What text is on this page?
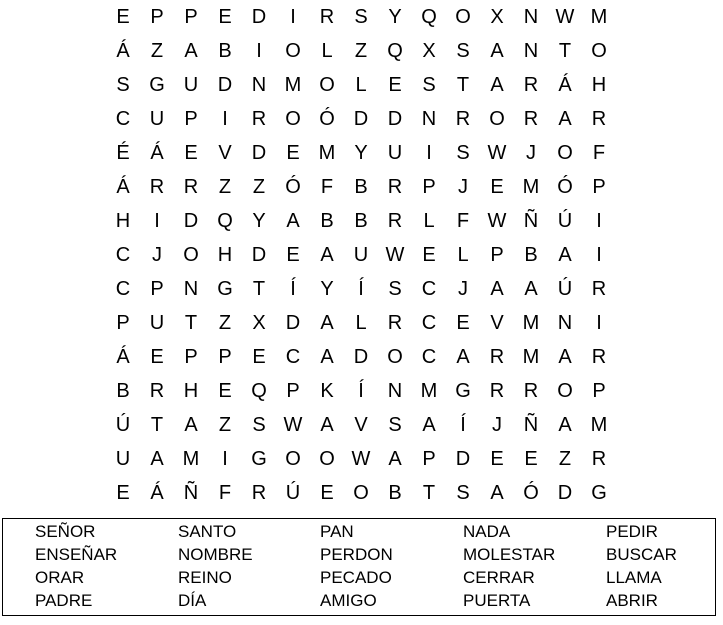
E	P	P	E	D	I	R	S	Y Q O X	N W M
Á	Z	A	B	I	O	L	Z	Q X	S	A	N	T	O
S G U D N M O	L	E	S	T	A	R	Á	H
C U	P	I	R O Ó D D N R O R	A	R
É	Á	E	V	D	E M Y	U	I	S W J	O	F
Á	R R	Z	Z	Ó	F	B	R	P	J	E M Ó P
H	I	D Q Y	A	B	B	R	L	F W Ñ Ú	I
C	J	O H D	E	A	U W E	L	P	B	A	I
C	P	N G	T	Í	Y	Í	S	C	J	A	A	Ú R
P	U	T	Z	X	D	A	L	R C	E	V M N	I
Á	E	P	P	E	C	A	D O C	A	R M A	R
B	R H	E Q P	K	Í	N M G R R O P
Ú	T	A	Z	S W A	V	S	A	Í	J	Ñ	A M
U	A M	I	G O O W A	P	D	E	E	Z	R
E	Á	Ñ	F	R Ú	E O B	T	S	A Ó D G
SEÑOR	SANTO	PAN	NADA	PEDIR
ENSEÑAR	NOMBRE	PERDON	MOLESTAR	BUSCAR
ORAR	REINO	PECADO	CERRAR	LLAMA
PADRE	DÍA	AMIGO	PUERTA	ABRIR
